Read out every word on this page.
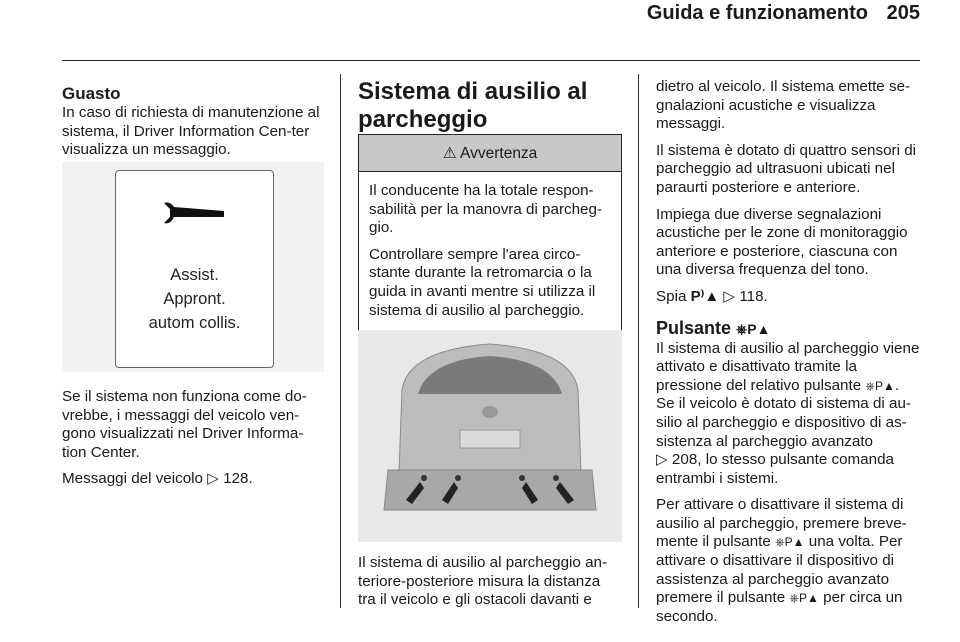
Guida e funzionamento 205
Guasto

In caso di richiesta di manutenzione al sistema, il Driver Information Cen-ter visualizza un messaggio.

Assist.
Appront.
autom collis.

Se il sistema non funziona come do-vrebbe, i messaggi del veicolo ven-gono visualizzati nel Driver Informa-tion Center.

Messaggi del veicolo ▷ 128.

Sistema di ausilio al
parcheggio
⚠ Avvertenza

Il conducente ha la totale respon-sabilità per la manovra di parcheg-gio.

Controllare sempre l'area circo-stante durante la retromarcia o la guida in avanti mentre si utilizza il sistema di ausilio al parcheggio.

Il sistema di ausilio al parcheggio an-teriore-posteriore misura la distanza tra il veicolo e gli ostacoli davanti e

dietro al veicolo. Il sistema emette se-gnalazioni acustiche e visualizza messaggi.

Il sistema è dotato di quattro sensori di parcheggio ad ultrasuoni ubicati nel paraurti posteriore e anteriore.

Impiega due diverse segnalazioni acustiche per le zone di monitoraggio anteriore e posteriore, ciascuna con una diversa frequenza del tono.

Spia P⁾▲ ▷ 118.

Pulsante ⎈P▲

Il sistema di ausilio al parcheggio viene attivato e disattivato tramite la pressione del relativo pulsante ⎈P▲.

Se il veicolo è dotato di sistema di au-silio al parcheggio e dispositivo di as-sistenza al parcheggio avanzato
▷ 208, lo stesso pulsante comanda entrambi i sistemi.

Per attivare o disattivare il sistema di ausilio al parcheggio, premere breve-mente il pulsante ⎈P▲ una volta. Per attivare o disattivare il dispositivo di assistenza al parcheggio avanzato premere il pulsante ⎈P▲ per circa un secondo.
